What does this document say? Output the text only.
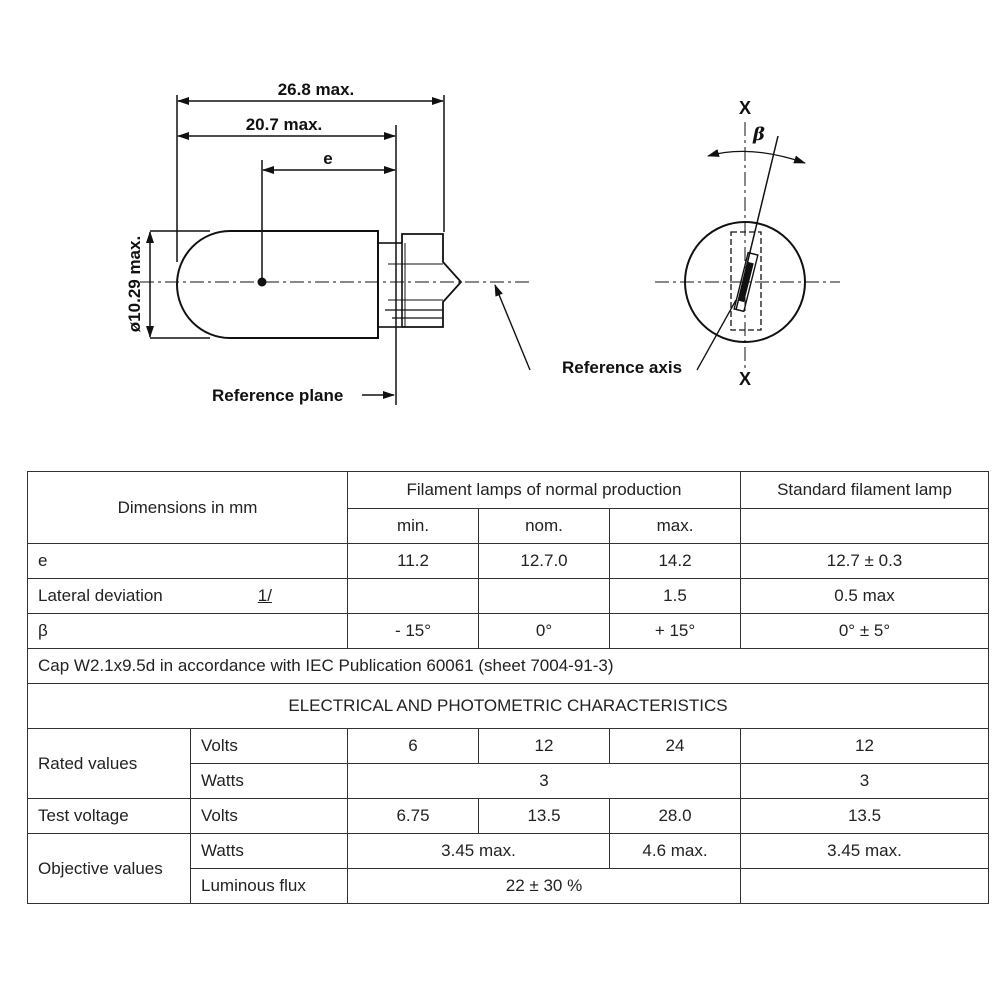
26.8 max.
20.7 max.
e
ø10.29 max.
Reference plane
X
X
β
Reference axis
Dimensions in mm		Filament lamps of normal production			Standard filament lamp
		min.	nom.	max.	
e		11.2	12.7.0	14.2	12.7 ± 0.3
Lateral deviation 1/				1.5	0.5 max
β		- 15°	0°	+ 15°	0° ± 5°
Cap W2.1x9.5d in accordance with IEC Publication 60061 (sheet 7004-91-3)					
ELECTRICAL AND PHOTOMETRIC CHARACTERISTICS					
Rated values	Volts	6	12	24	12
	Watts	3			3
Test voltage	Volts	6.75	13.5	28.0	13.5
Objective values	Watts	3.45 max.		4.6 max.	3.45 max.
	Luminous flux	22 ± 30 %			
